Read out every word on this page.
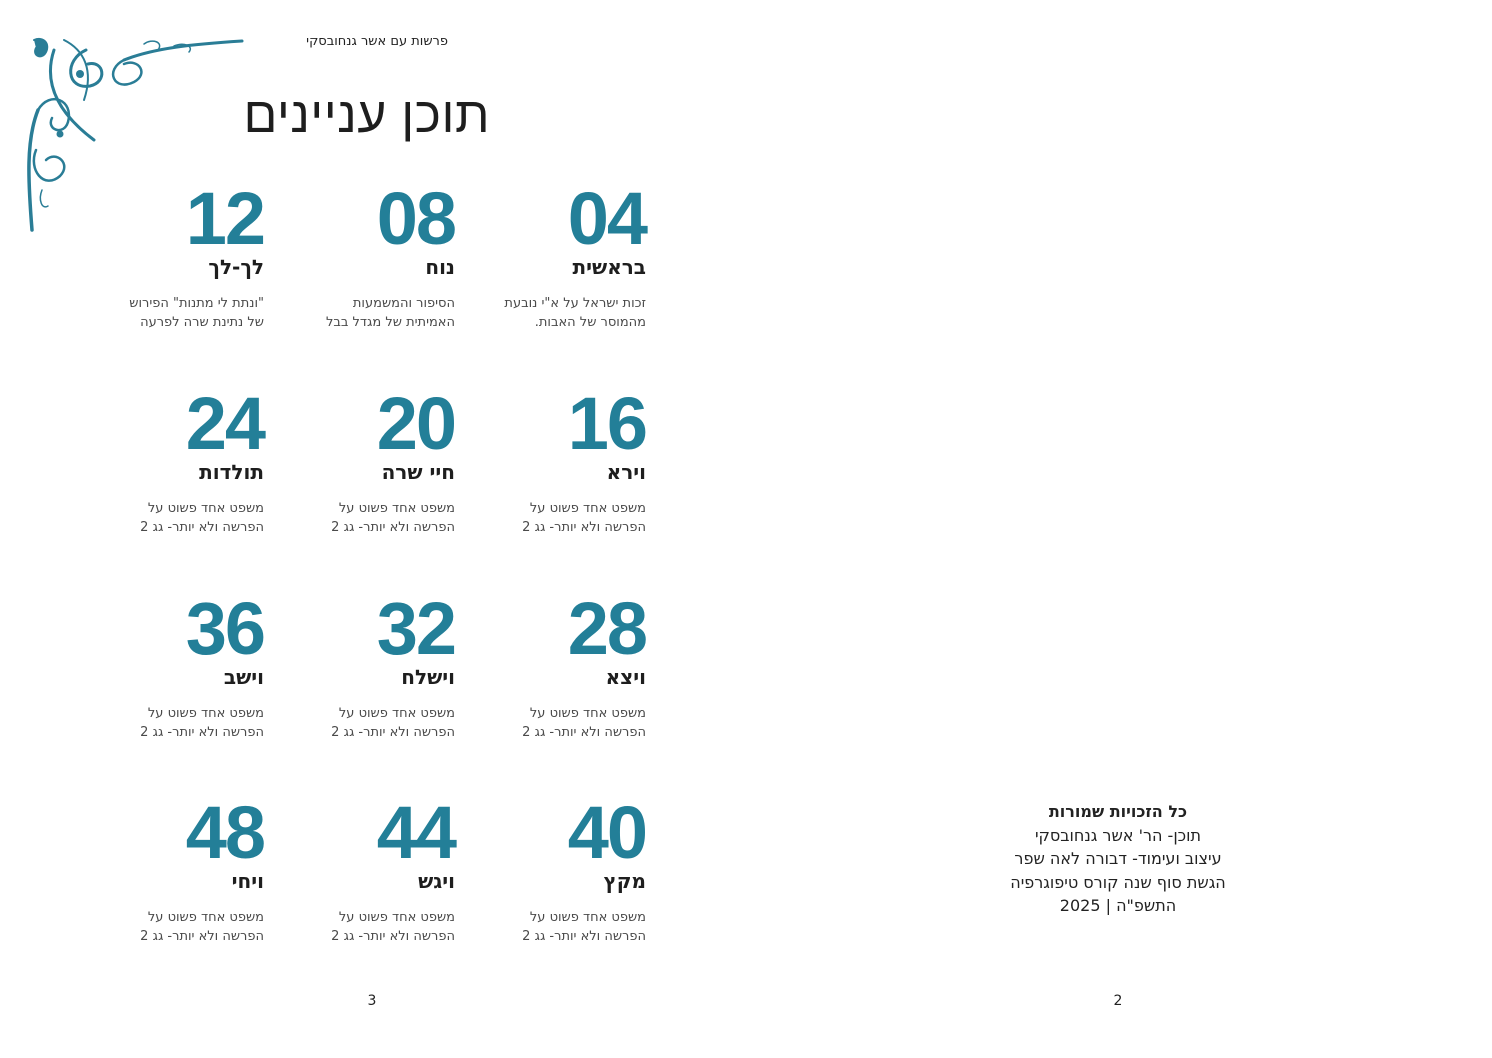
פרשות עם אשר גנחובסקי
תוכן עניינים
04
בראשית
זכות ישראל על א"י נובעת
מהמוסר של האבות.
08
נוח
הסיפור והמשמעות
האמיתית של מגדל בבל
12
לך-לך
"ונתת לי מתנות" הפירוש
של נתינת שרה לפרעה
16
וירא
משפט אחד פשוט על
הפרשה ולא יותר- גג 2
20
חיי שרה
משפט אחד פשוט על
הפרשה ולא יותר- גג 2
24
תולדות
משפט אחד פשוט על
הפרשה ולא יותר- גג 2
28
ויצא
משפט אחד פשוט על
הפרשה ולא יותר- גג 2
32
וישלח
משפט אחד פשוט על
הפרשה ולא יותר- גג 2
36
וישב
משפט אחד פשוט על
הפרשה ולא יותר- גג 2
40
מקץ
משפט אחד פשוט על
הפרשה ולא יותר- גג 2
44
ויגש
משפט אחד פשוט על
הפרשה ולא יותר- גג 2
48
ויחי
משפט אחד פשוט על
הפרשה ולא יותר- גג 2
3
כל הזכויות שמורות
תוכן- הר' אשר גנחובסקי
עיצוב ועימוד- דבורה לאה שפר
הגשת סוף שנה קורס טיפוגרפיה
התשפ"ה | 2025
2
